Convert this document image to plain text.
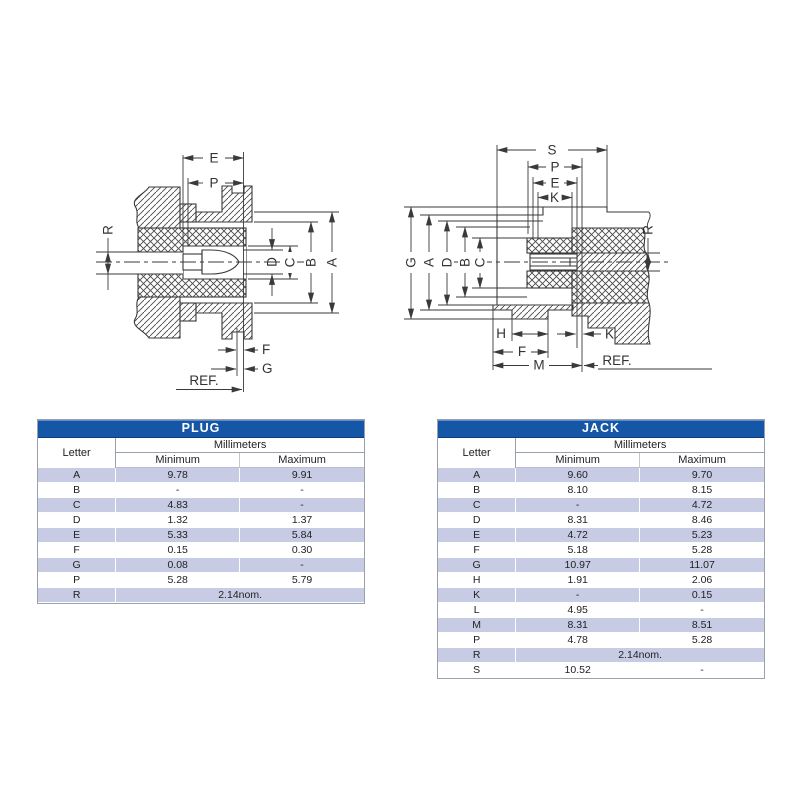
E
P
R
D C B A
F
G
REF.
S
P
E
K
G A D B C
R
H	K
F
M	REF.
PLUG		
Letter	Millimeters	
	Minimum	Maximum
A	9.78	9.91
B	-	-
C	4.83	-
D	1.32	1.37
E	5.33	5.84
F	0.15	0.30
G	0.08	-
P	5.28	5.79
R	2.14nom.	
JACK		
Letter	Millimeters	
	Minimum	Maximum
A	9.60	9.70
B	8.10	8.15
C	-	4.72
D	8.31	8.46
E	4.72	5.23
F	5.18	5.28
G	10.97	11.07
H	1.91	2.06
K	-	0.15
L	4.95	-
M	8.31	8.51
P	4.78	5.28
R	2.14nom.	
S	10.52	-
